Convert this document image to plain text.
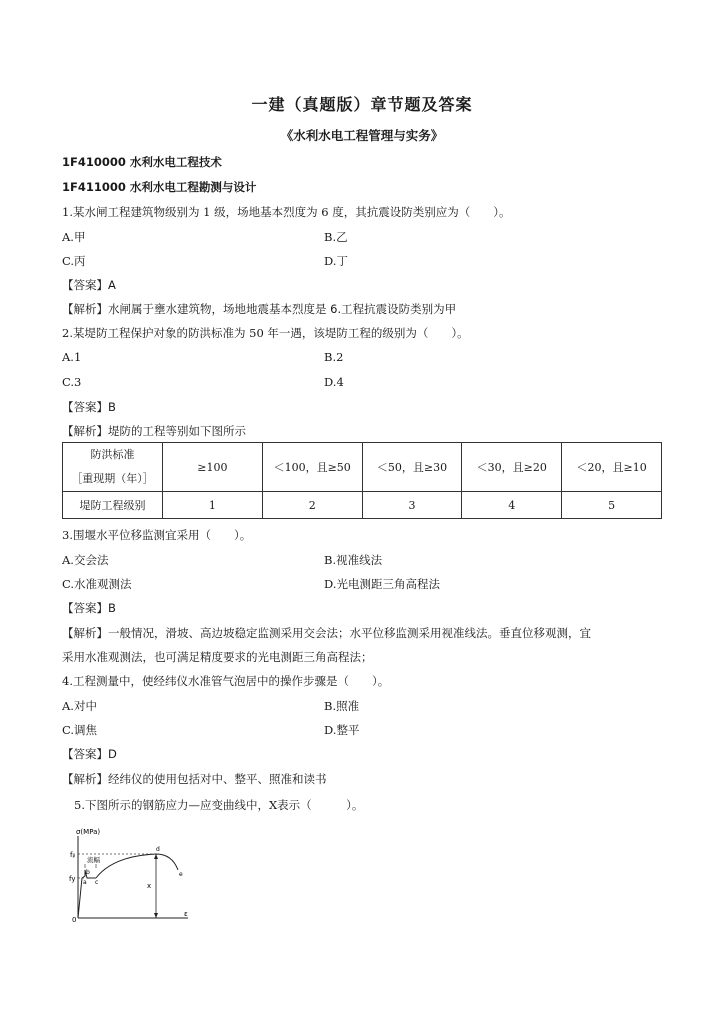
一建（真题版）章节题及答案
《水利水电工程管理与实务》
1F410000 水利水电工程技术
1F411000 水利水电工程勘测与设计
1.某水闸工程建筑物级别为 1 级，场地基本烈度为 6 度，其抗震设防类别应为（　　）。
A.甲	B.乙
C.丙	D.丁
【答案】A
【解析】水闸属于壅水建筑物，场地地震基本烈度是 6.工程抗震设防类别为甲
2.某堤防工程保护对象的防洪标准为 50 年一遇，该堤防工程的级别为（　　）。
A.1	B.2
C.3	D.4
【答案】B
【解析】堤防的工程等别如下图所示
防洪标准
［重现期（年）］	≥100	＜100，且≥50	＜50，且≥30	＜30，且≥20	＜20，且≥10
堤防工程级别	1	2	3	4	5
3.围堰水平位移监测宜采用（　　）。
A.交会法	B.视准线法
C.水准观测法	D.光电测距三角高程法
【答案】B
【解析】一般情况，滑坡、高边坡稳定监测采用交会法；水平位移监测采用视准线法。垂直位移观测，宜
采用水准观测法，也可满足精度要求的光电测距三角高程法；
4.工程测量中，使经纬仪水准管气泡居中的操作步骤是（　　）。
A.对中	B.照准
C.调焦	D.整平
【答案】D
【解析】经纬仪的使用包括对中、整平、照准和读书
5.下图所示的钢筋应力—应变曲线中，X表示（　　　）。
σ(MPa)
fᵦ
fy
流幅
x
0
ε
a
b
c
d
e
